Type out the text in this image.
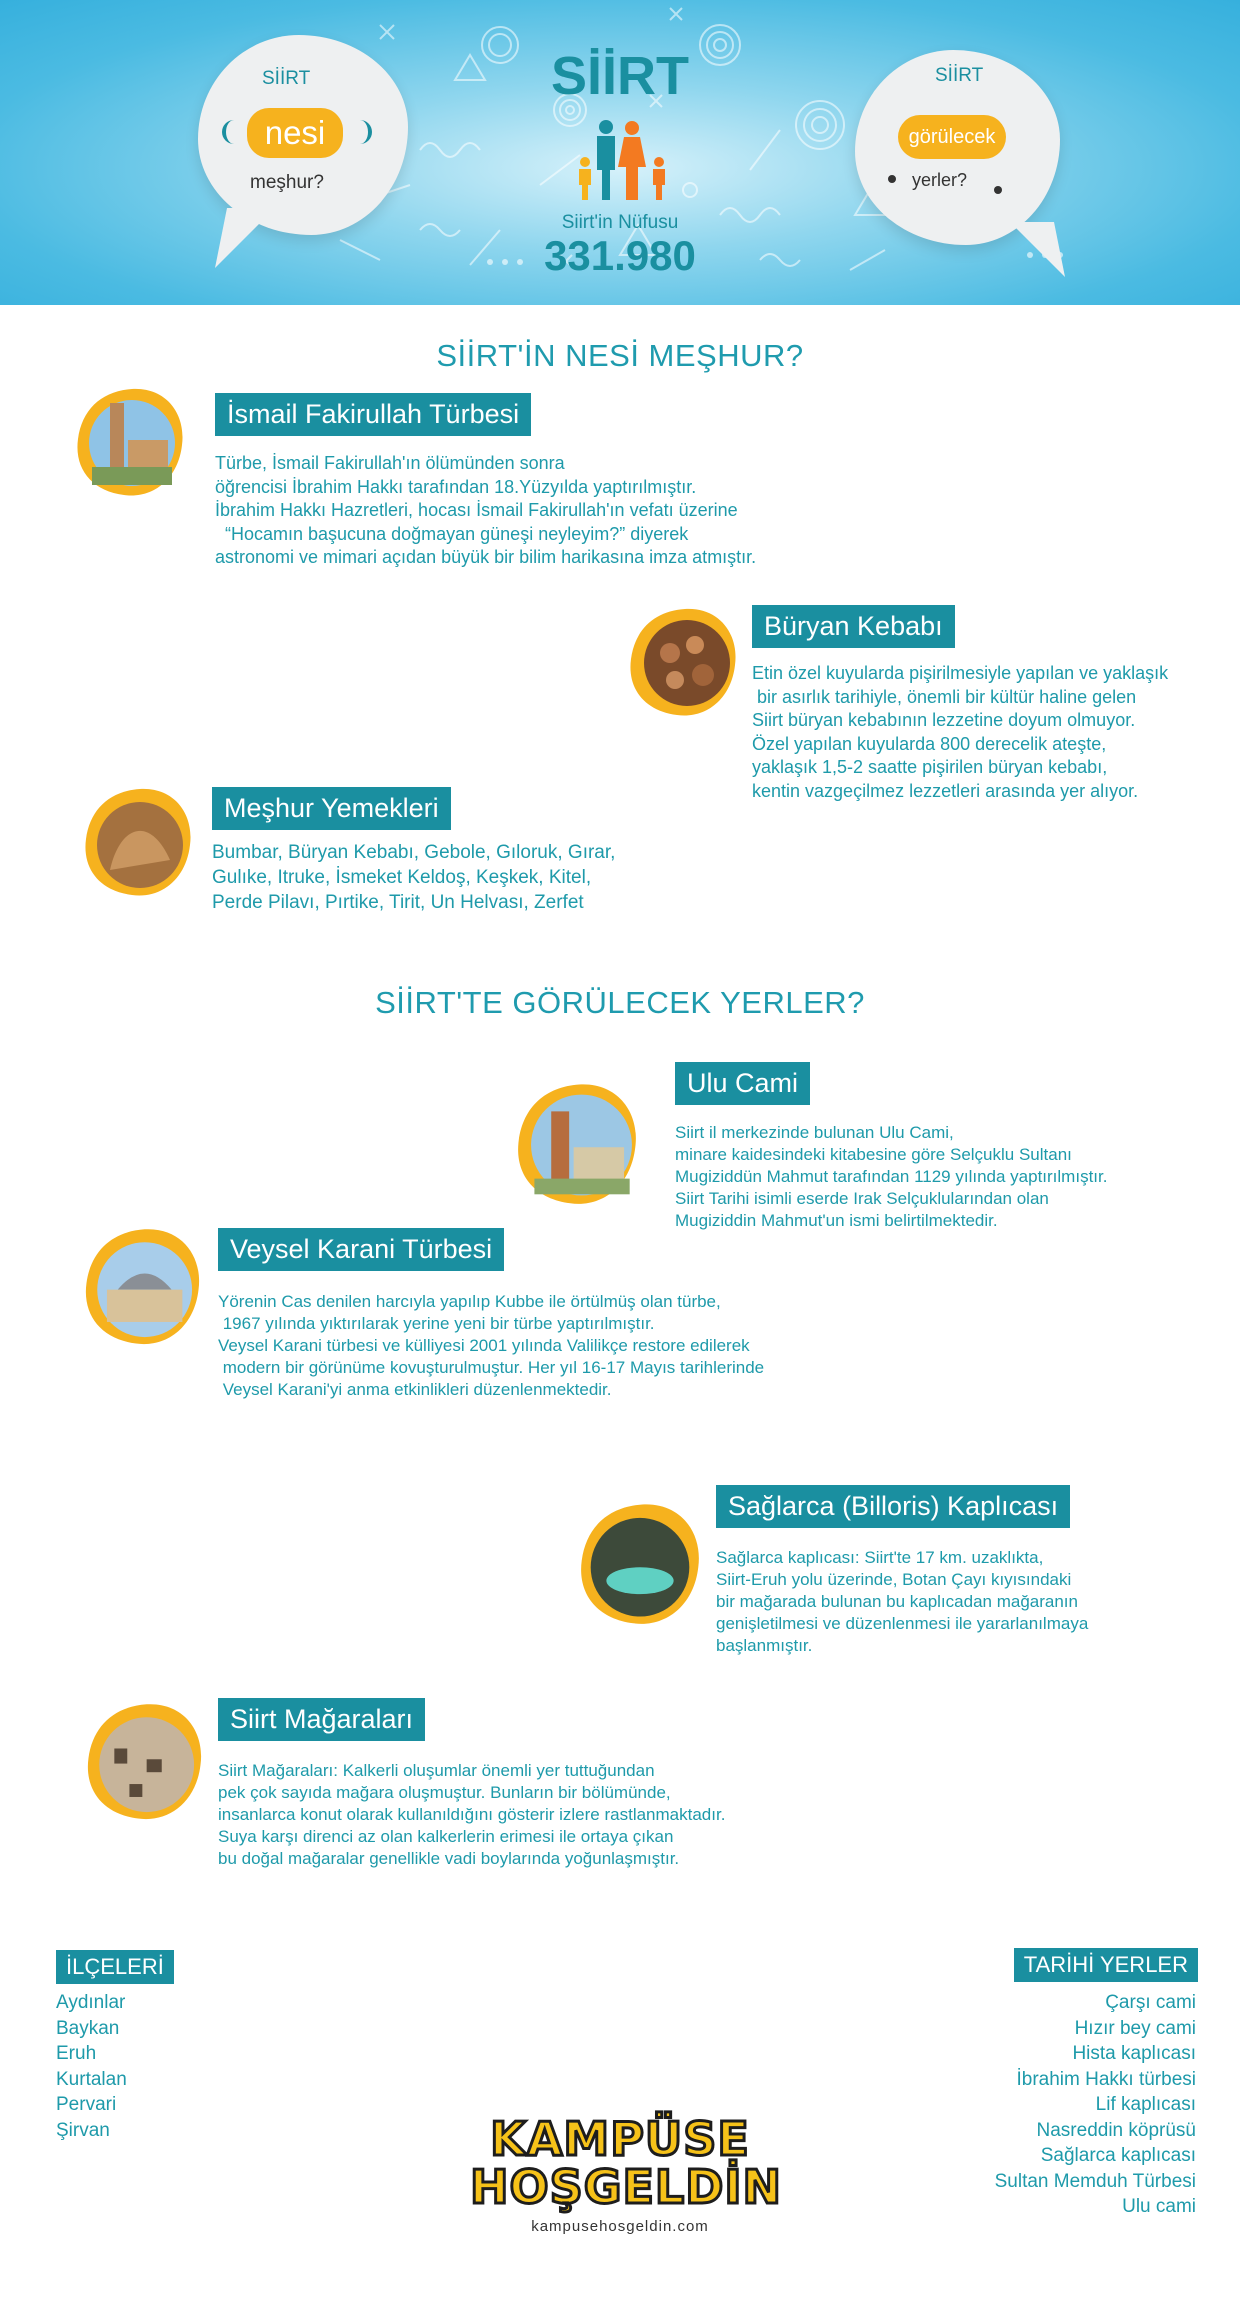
SİİRT
nesi
meşhur?
SİİRT
Siirt'in Nüfusu
331.980
SİİRT
görülecek
yerler?
SİİRT'İN NESİ MEŞHUR?
İsmail Fakirullah Türbesi
Türbe, İsmail Fakirullah'ın ölümünden sonra
öğrencisi İbrahim Hakkı tarafından 18.Yüzyılda yaptırılmıştır.
İbrahim Hakkı Hazretleri, hocası İsmail Fakirullah'ın vefatı üzerine
“Hocamın başucuna doğmayan güneşi neyleyim?” diyerek
astronomi ve mimari açıdan büyük bir bilim harikasına imza atmıştır.
Büryan Kebabı
Etin özel kuyularda pişirilmesiyle yapılan ve yaklaşık
bir asırlık tarihiyle, önemli bir kültür haline gelen
Siirt büryan kebabının lezzetine doyum olmuyor.
Özel yapılan kuyularda 800 derecelik ateşte,
yaklaşık 1,5-2 saatte pişirilen büryan kebabı,
kentin vazgeçilmez lezzetleri arasında yer alıyor.
Meşhur Yemekleri
Bumbar, Büryan Kebabı, Gebole, Gıloruk, Gırar,
Gulıke, Itruke, İsmeket Keldoş, Keşkek, Kitel,
Perde Pilavı, Pırtike, Tirit, Un Helvası, Zerfet
SİİRT'TE GÖRÜLECEK YERLER?
Ulu Cami
Siirt il merkezinde bulunan Ulu Cami,
minare kaidesindeki kitabesine göre Selçuklu Sultanı
Mugiziddün Mahmut tarafından 1129 yılında yaptırılmıştır.
Siirt Tarihi isimli eserde Irak Selçuklularından olan
Mugiziddin Mahmut'un ismi belirtilmektedir.
Veysel Karani Türbesi
Yörenin Cas denilen harcıyla yapılıp Kubbe ile örtülmüş olan türbe,
1967 yılında yıktırılarak yerine yeni bir türbe yaptırılmıştır.
Veysel Karani türbesi ve külliyesi 2001 yılında Valilikçe restore edilerek
modern bir görünüme kovuşturulmuştur. Her yıl 16-17 Mayıs tarihlerinde
Veysel Karani'yi anma etkinlikleri düzenlenmektedir.
Sağlarca (Billoris) Kaplıcası
Sağlarca kaplıcası: Siirt'te 17 km. uzaklıkta,
Siirt-Eruh yolu üzerinde, Botan Çayı kıyısındaki
bir mağarada bulunan bu kaplıcadan mağaranın
genişletilmesi ve düzenlenmesi ile yararlanılmaya
başlanmıştır.
Siirt Mağaraları
Siirt Mağaraları: Kalkerli oluşumlar önemli yer tuttuğundan
pek çok sayıda mağara oluşmuştur. Bunların bir bölümünde,
insanlarca konut olarak kullanıldığını gösterir izlere rastlanmaktadır.
Suya karşı direnci az olan kalkerlerin erimesi ile ortaya çıkan
bu doğal mağaralar genellikle vadi boylarında yoğunlaşmıştır.
İLÇELERİ
Aydınlar
Baykan
Eruh
Kurtalan
Pervari
Şirvan
TARİHİ YERLER
Çarşı cami
Hızır bey cami
Hista kaplıcası
İbrahim Hakkı türbesi
Lif kaplıcası
Nasreddin köprüsü
Sağlarca kaplıcası
Sultan Memduh Türbesi
Ulu cami
KAMPÜSE
HOŞGELDİN
kampusehosgeldin.com
